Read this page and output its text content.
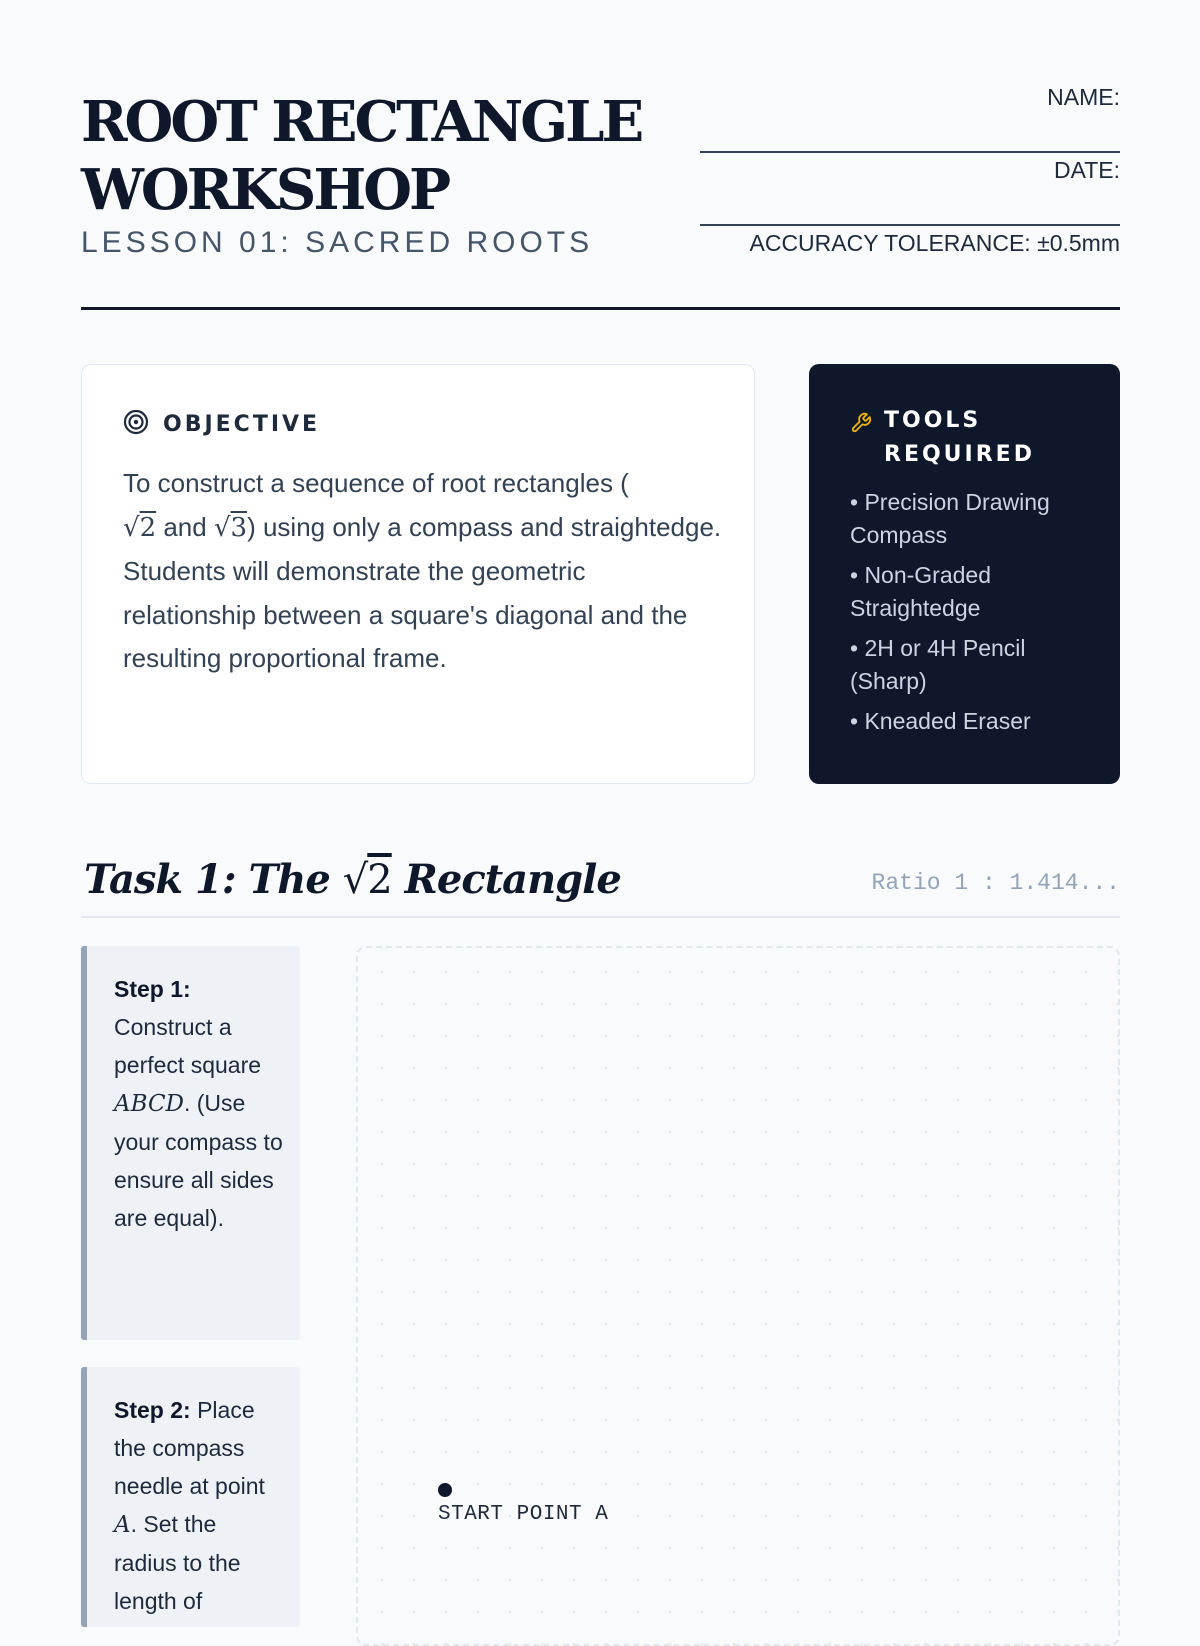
ROOT RECTANGLE
WORKSHOP
LESSON 01: SACRED ROOTS
NAME:
DATE:
ACCURACY TOLERANCE: ±0.5mm
OBJECTIVE
To construct a sequence of root rectangles (
√2 and √3) using only a compass and straightedge. Students will demonstrate the geometric relationship between a square's diagonal and the resulting proportional frame.
TOOLS REQUIRED
• Precision Drawing Compass
• Non-Graded Straightedge
• 2H or 4H Pencil (Sharp)
• Kneaded Eraser
Task 1: The √2 Rectangle	Ratio 1 : 1.414...
Step 1: Construct a perfect square ABCD. (Use your compass to ensure all sides are equal).
Step 2: Place the compass needle at point A. Set the radius to the length of
START POINT A
